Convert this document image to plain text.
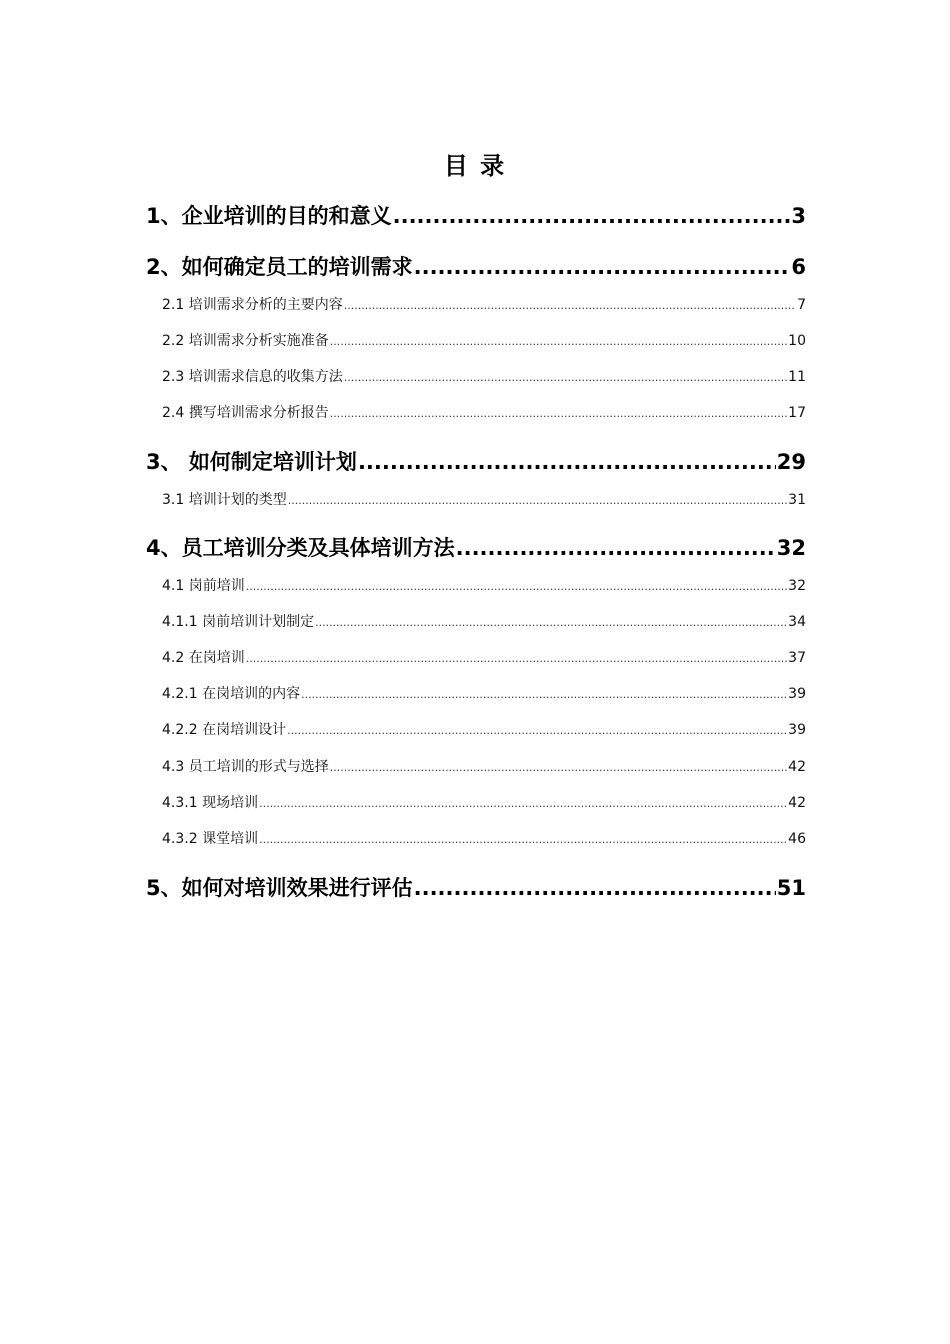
目 录
1、企业培训的目的和意义 .....	3
2、如何确定员工的培训需求 .....	6
2.1 培训需求分析的主要内容 .....	7
2.2 培训需求分析实施准备 .....	10
2.3 培训需求信息的收集方法 .....	11
2.4 撰写培训需求分析报告 .....	17
3、 如何制定培训计划 .....	29
3.1 培训计划的类型 .....	31
4、员工培训分类及具体培训方法 .....	32
4.1 岗前培训 .....	32
4.1.1 岗前培训计划制定 .....	34
4.2 在岗培训 .....	37
4.2.1 在岗培训的内容 .....	39
4.2.2 在岗培训设计 .....	39
4.3 员工培训的形式与选择 .....	42
4.3.1 现场培训 .....	42
4.3.2 课堂培训 .....	46
5、如何对培训效果进行评估 .....	51
